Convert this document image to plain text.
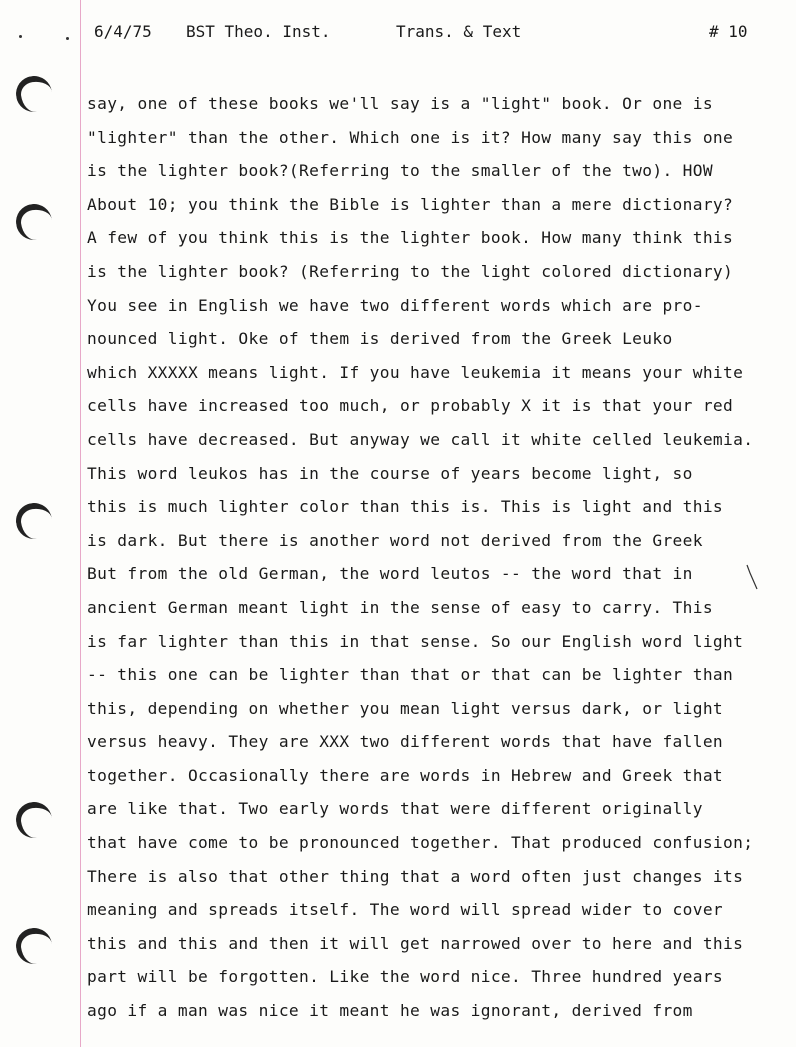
6/4/75 BST Theo. Inst.	Trans. & Text	# 10
say, one of these books we'll say is a "light" book. Or one is
"lighter" than the other. Which one is it? How many say this one
is the lighter book?(Referring to the smaller of the two). HOW
About 10; you think the Bible is lighter than a mere dictionary?
A few of you think this is the lighter book. How many think this
is the lighter book? (Referring to the light colored dictionary)
You see in English we have two different words which are pro-
nounced light. Oke of them is derived from the Greek Leuko
which XXXXX means light. If you have leukemia it means your white
cells have increased too much, or probably X it is that your red
cells have decreased. But anyway we call it white celled leukemia.
This word leukos has in the course of years become light, so
this is much lighter color than this is. This is light and this
is dark. But there is another word not derived from the Greek
But from the old German, the word leutos -- the word that in
ancient German meant light in the sense of easy to carry. This
is far lighter than this in that sense. So our English word light
-- this one can be lighter than that or that can be lighter than
this, depending on whether you mean light versus dark, or light
versus heavy. They are XXX two different words that have fallen
together. Occasionally there are words in Hebrew and Greek that
are like that. Two early words that were different originally
that have come to be pronounced together. That produced confusion;
There is also that other thing that a word often just changes its
meaning and spreads itself. The word will spread wider to cover
this and this and then it will get narrowed over to here and this
part will be forgotten. Like the word nice. Three hundred years
ago if a man was nice it meant he was ignorant, derived from
